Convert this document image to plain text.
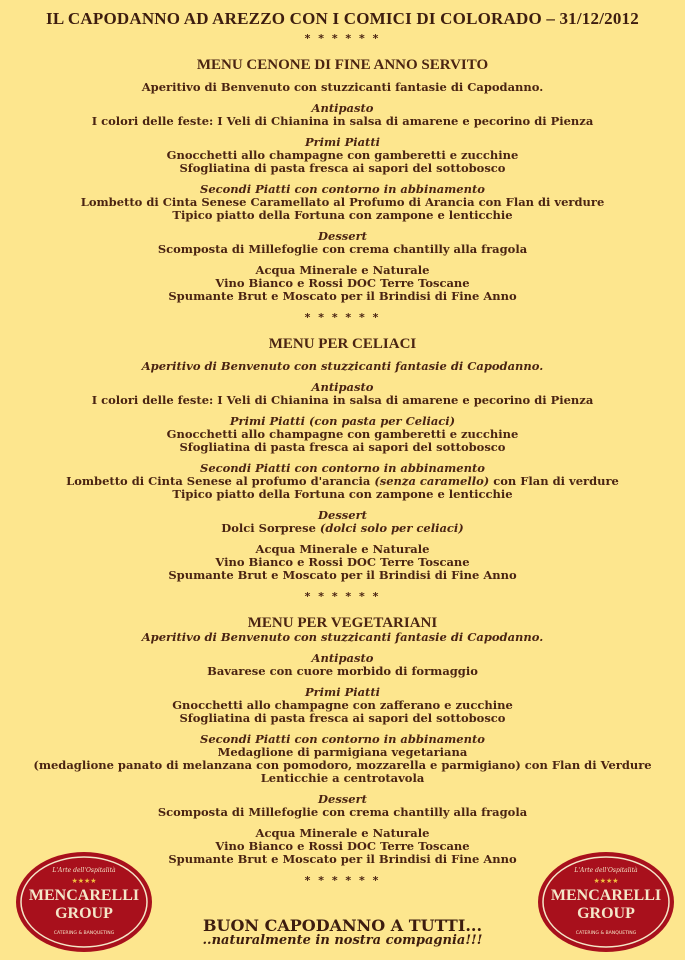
IL CAPODANNO AD AREZZO CON I COMICI DI COLORADO – 31/12/2012
* * * * * *
MENU CENONE DI FINE ANNO SERVITO
Aperitivo di Benvenuto con stuzzicanti fantasie di Capodanno.
Antipasto
I colori delle feste: I Veli di Chianina in salsa di amarene e pecorino di Pienza
Primi Piatti
Gnocchetti allo champagne con gamberetti e zucchine
Sfogliatina di pasta fresca ai sapori del sottobosco
Secondi Piatti con contorno in abbinamento
Lombetto di Cinta Senese Caramellato al Profumo di Arancia con Flan di verdure
Tipico piatto della Fortuna con zampone e lenticchie
Dessert
Scomposta di Millefoglie con crema chantilly alla fragola
Acqua Minerale e Naturale
Vino Bianco e Rossi DOC Terre Toscane
Spumante Brut e Moscato per il Brindisi di Fine Anno
* * * * * *
MENU PER CELIACI
Aperitivo di Benvenuto con stuzzicanti fantasie di Capodanno.
Antipasto
I colori delle feste: I Veli di Chianina in salsa di amarene e pecorino di Pienza
Primi Piatti (con pasta per Celiaci)
Gnocchetti allo champagne con gamberetti e zucchine
Sfogliatina di pasta fresca ai sapori del sottobosco
Secondi Piatti con contorno in abbinamento
Lombetto di Cinta Senese al profumo d'arancia (senza caramello) con Flan di verdure
Tipico piatto della Fortuna con zampone e lenticchie
Dessert
Dolci Sorprese (dolci solo per celiaci)
Acqua Minerale e Naturale
Vino Bianco e Rossi DOC Terre Toscane
Spumante Brut e Moscato per il Brindisi di Fine Anno
* * * * * *
MENU PER VEGETARIANI
Aperitivo di Benvenuto con stuzzicanti fantasie di Capodanno.
Antipasto
Bavarese con cuore morbido di formaggio
Primi Piatti
Gnocchetti allo champagne con zafferano e zucchine
Sfogliatina di pasta fresca ai sapori del sottobosco
Secondi Piatti con contorno in abbinamento
Medaglione di parmigiana vegetariana
(medaglione panato di melanzana con pomodoro, mozzarella e parmigiano) con Flan di Verdure
Lenticchie a centrotavola
Dessert
Scomposta di Millefoglie con crema chantilly alla fragola
Acqua Minerale e Naturale
Vino Bianco e Rossi DOC Terre Toscane
Spumante Brut e Moscato per il Brindisi di Fine Anno
* * * * * *
BUON CAPODANNO A TUTTI...
..naturalmente in nostra compagnia!!!
L'Arte dell'Ospitalità
★★★★
MENCARELLI
GROUP
CATERING & BANQUETING
L'Arte dell'Ospitalità
★★★★
MENCARELLI
GROUP
CATERING & BANQUETING
